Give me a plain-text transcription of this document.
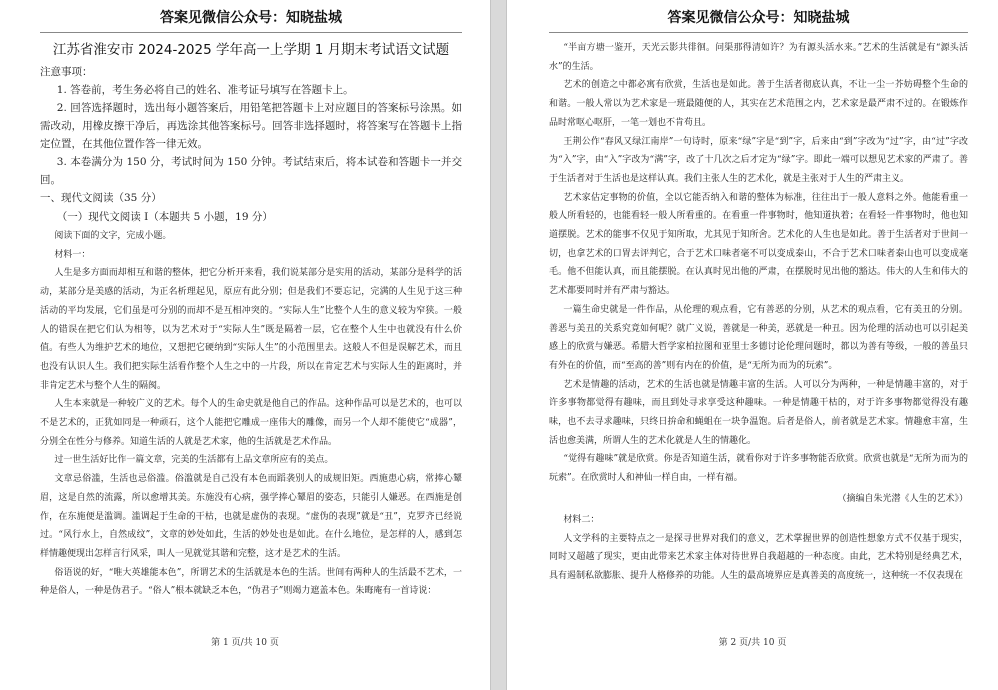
答案见微信公众号：知晓盐城
江苏省淮安市 2024-2025 学年高一上学期 1 月期末考试语文试题

注意事项：

1. 答卷前，考生务必将自己的姓名、准考证号填写在答题卡上。

2. 回答选择题时，选出每小题答案后，用铅笔把答题卡上对应题目的答案标号涂黑。如需改动，用橡皮擦干净后，再选涂其他答案标号。回答非选择题时，将答案写在答题卡上指定位置，在其他位置作答一律无效。

3. 本卷满分为 150 分，考试时间为 150 分钟。考试结束后，将本试卷和答题卡一并交回。

一、现代文阅读（35 分）

（一）现代文阅读 Ⅰ（本题共 5 小题，19 分）

阅读下面的文字，完成小题。

材料一：

人生是多方面而却相互和谐的整体，把它分析开来看，我们说某部分是实用的活动，某部分是科学的活动，某部分是美感的活动，为正名析理起见，原应有此分别；但是我们不要忘记，完满的人生见于这三种活动的平均发展，它们虽是可分别的而却不是互相冲突的。“实际人生”比整个人生的意义较为窄狭。一般人的错误在把它们认为相等，以为艺术对于“实际人生”既是隔着一层，它在整个人生中也就没有什么价值。有些人为维护艺术的地位，又想把它硬纳到“实际人生”的小范围里去。这般人不但是误解艺术，而且也没有认识人生。我们把实际生活看作整个人生之中的一片段，所以在肯定艺术与实际人生的距离时，并非肯定艺术与整个人生的隔阂。

人生本来就是一种较广义的艺术。每个人的生命史就是他自己的作品。这种作品可以是艺术的，也可以不是艺术的，正犹如同是一种顽石，这个人能把它雕成一座伟大的雕像，而另一个人却不能使它“成器”，分别全在性分与修养。知道生活的人就是艺术家，他的生活就是艺术作品。

过一世生活好比作一篇文章，完美的生活都有上品文章所应有的美点。

文章忌俗滥，生活也忌俗滥。俗滥就是自己没有本色而蹈袭别人的成规旧矩。西施患心病，常捧心颦眉，这是自然的流露，所以愈增其美。东施没有心病，强学捧心颦眉的姿态，只能引人嫌恶。在西施是创作，在东施便是滥调。滥调起于生命的干枯，也就是虚伪的表现。“虚伪的表现”就是“丑”，克罗齐已经说过。“风行水上，自然成纹”，文章的妙处如此，生活的妙处也是如此。在什么地位，是怎样的人，感到怎样情趣便现出怎样言行风采，叫人一见就觉其谐和完整，这才是艺术的生活。

俗语说的好，“唯大英雄能本色”，所谓艺术的生活就是本色的生活。世间有两种人的生活最不艺术，一种是俗人，一种是伪君子。“俗人”根本就缺乏本色，“伪君子”则竭力遮盖本色。朱晦庵有一首诗说：

第 1 页/共 10 页
答案见微信公众号：知晓盐城

“半亩方塘一鉴开，天光云影共徘徊。问渠那得清如许？为有源头活水来。”艺术的生活就是有“源头活水”的生活。

艺术的创造之中都必寓有欣赏，生活也是如此。善于生活者彻底认真，不让一尘一芥妨碍整个生命的和谐。一般人常以为艺术家是一班最随便的人，其实在艺术范围之内，艺术家是最严肃不过的。在锻炼作品时常呕心呕肝，一笔一划也不肯苟且。

王荆公作“春风又绿江南岸”一句诗时，原来“绿”字是“到”字，后来由“到”字改为“过”字，由“过”字改为“入”字，由“入”字改为“满”字，改了十几次之后才定为“绿”字。即此一端可以想见艺术家的严肃了。善于生活者对于生活也是这样认真。我们主张人生的艺术化，就是主张对于人生的严肃主义。

艺术家估定事物的价值，全以它能否纳入和谐的整体为标准，往往出于一般人意料之外。他能看重一般人所看轻的，也能看轻一般人所看重的。在看重一件事物时，他知道执着；在看轻一件事物时，他也知道摆脱。艺术的能事不仅见于知所取，尤其见于知所舍。艺术化的人生也是如此。善于生活者对于世间一切，也拿艺术的口胃去评判它，合于艺术口味者毫不可以变成泰山，不合于艺术口味者泰山也可以变成毫毛。他不但能认真，而且能摆脱。在认真时见出他的严肃，在摆脱时见出他的豁达。伟大的人生和伟大的艺术都要同时并有严肃与豁达。

一篇生命史就是一件作品，从伦理的观点看，它有善恶的分别，从艺术的观点看，它有美丑的分别。善恶与美丑的关系究竟如何呢？就广义说，善就是一种美，恶就是一种丑。因为伦理的活动也可以引起美感上的欣赏与嫌恶。希腊大哲学家柏拉图和亚里士多德讨论伦理问题时，都以为善有等级，一般的善虽只有外在的价值，而“至高的善”则有内在的价值，是“无所为而为的玩索”。

艺术是情趣的活动，艺术的生活也就是情趣丰富的生活。人可以分为两种，一种是情趣丰富的，对于许多事物都觉得有趣味，而且到处寻求享受这种趣味。一种是情趣干枯的，对于许多事物都觉得没有趣味，也不去寻求趣味，只终日拚命和蝇蛆在一块争温饱。后者是俗人，前者就是艺术家。情趣愈丰富，生活也愈美满，所谓人生的艺术化就是人生的情趣化。

“觉得有趣味”就是欣赏。你是否知道生活，就看你对于许多事物能否欣赏。欣赏也就是“无所为而为的玩索”。在欣赏时人和神仙一样自由，一样有福。

（摘编自朱光潜《人生的艺术》）

材料二：

人文学科的主要特点之一是探寻世界对我们的意义，艺术掌握世界的创造性想象方式不仅基于现实，同时又超越了现实，更由此带来艺术家主体对待世界自我超越的一种态度。由此，艺术特别是经典艺术，具有遏制私欲膨胀、提升人格修养的功能。人生的最高境界应是真善美的高度统一，这种统一不仅表现在

第 2 页/共 10 页
